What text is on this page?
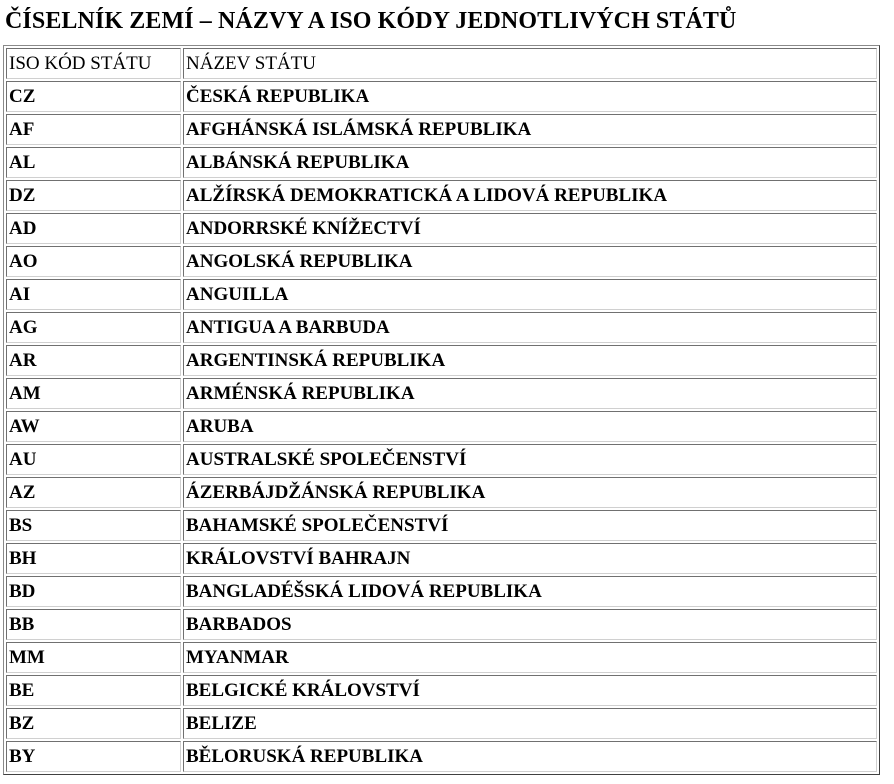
ČÍSELNÍK ZEMÍ – NÁZVY A ISO KÓDY JEDNOTLIVÝCH STÁTŮ
ISO KÓD STÁTU	NÁZEV STÁTU
CZ	ČESKÁ REPUBLIKA
AF	AFGHÁNSKÁ ISLÁMSKÁ REPUBLIKA
AL	ALBÁNSKÁ REPUBLIKA
DZ	ALŽÍRSKÁ DEMOKRATICKÁ A LIDOVÁ REPUBLIKA
AD	ANDORRSKÉ KNÍŽECTVÍ
AO	ANGOLSKÁ REPUBLIKA
AI	ANGUILLA
AG	ANTIGUA A BARBUDA
AR	ARGENTINSKÁ REPUBLIKA
AM	ARMÉNSKÁ REPUBLIKA
AW	ARUBA
AU	AUSTRALSKÉ SPOLEČENSTVÍ
AZ	ÁZERBÁJDŽÁNSKÁ REPUBLIKA
BS	BAHAMSKÉ SPOLEČENSTVÍ
BH	KRÁLOVSTVÍ BAHRAJN
BD	BANGLADÉŠSKÁ LIDOVÁ REPUBLIKA
BB	BARBADOS
MM	MYANMAR
BE	BELGICKÉ KRÁLOVSTVÍ
BZ	BELIZE
BY	BĚLORUSKÁ REPUBLIKA
